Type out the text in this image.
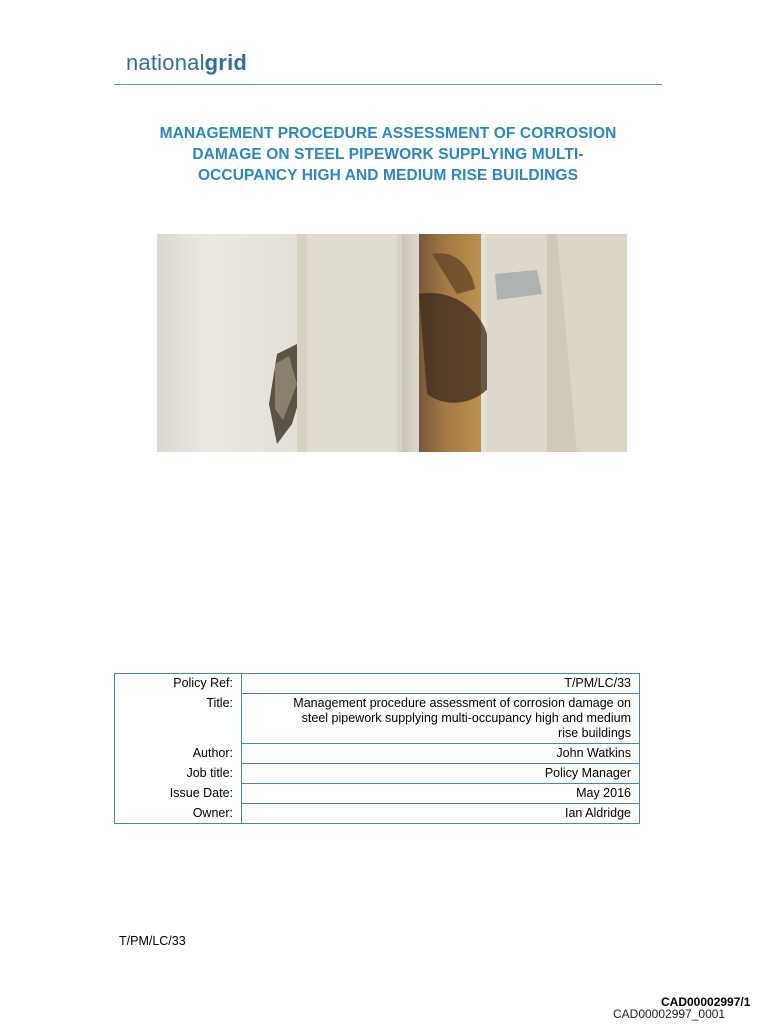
nationalgrid
MANAGEMENT PROCEDURE ASSESSMENT OF CORROSION
DAMAGE ON STEEL PIPEWORK SUPPLYING MULTI-
OCCUPANCY HIGH AND MEDIUM RISE BUILDINGS
Policy Ref:	T/PM/LC/33
Title:	Management procedure assessment of corrosion damage on
steel pipework supplying multi-occupancy high and medium
rise buildings

Author:	John Watkins
Job title:	Policy Manager
Issue Date:	May 2016
Owner:	Ian Aldridge
T/PM/LC/33
CAD00002997/1
CAD00002997_0001
